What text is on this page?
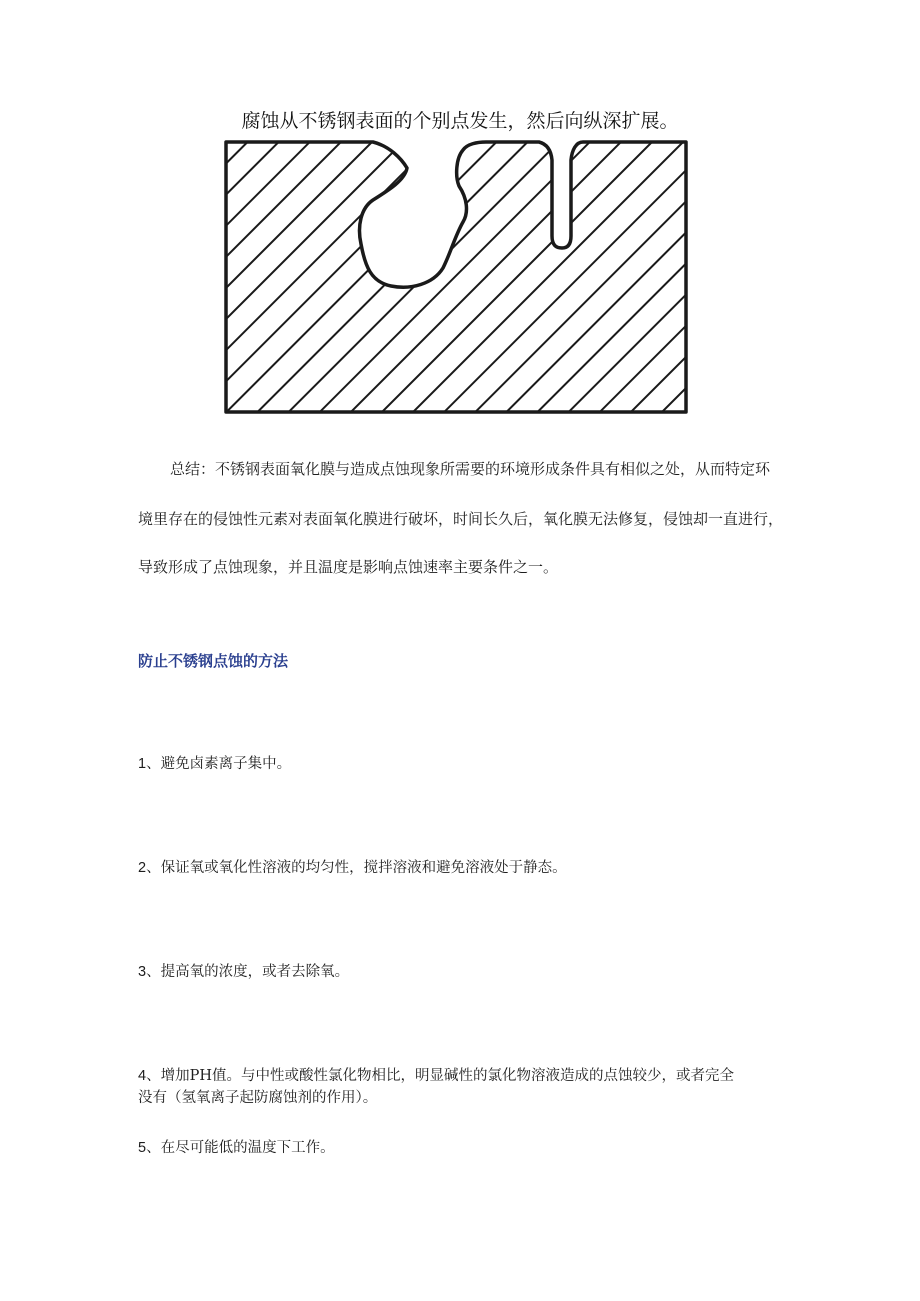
腐蚀从不锈钢表面的个别点发生，然后向纵深扩展。
总结：不锈钢表面氧化膜与造成点蚀现象所需要的环境形成条件具有相似之处，从而特定环
境里存在的侵蚀性元素对表面氧化膜进行破坏，时间长久后，氧化膜无法修复，侵蚀却一直进行，
导致形成了点蚀现象，并且温度是影响点蚀速率主要条件之一。
防止不锈钢点蚀的方法
1、避免卤素离子集中。
2、保证氧或氧化性溶液的均匀性，搅拌溶液和避免溶液处于静态。
3、提高氧的浓度，或者去除氧。
4、增加PH值。与中性或酸性氯化物相比，明显碱性的氯化物溶液造成的点蚀较少，或者完全
没有（氢氧离子起防腐蚀剂的作用）。
5、在尽可能低的温度下工作。
